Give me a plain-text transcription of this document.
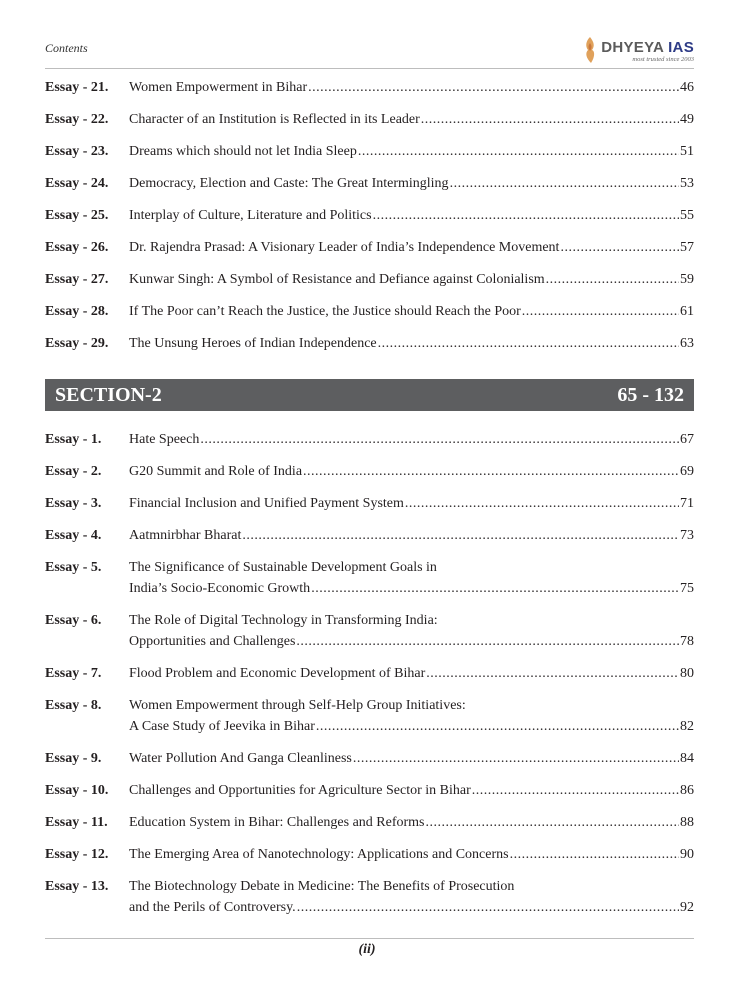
Contents	DHYEYA IAS
most trusted since 2003
Essay - 21. Women Empowerment in Bihar .....	46
Essay - 22. Character of an Institution is Reflected in its Leader .....	49
Essay - 23. Dreams which should not let India Sleep .....	51
Essay - 24. Democracy, Election and Caste: The Great Intermingling .....	53
Essay - 25. Interplay of Culture, Literature and Politics .....	55
Essay - 26. Dr. Rajendra Prasad: A Visionary Leader of India’s Independence Movement .....	57
Essay - 27. Kunwar Singh: A Symbol of Resistance and Defiance against Colonialism .....	59
Essay - 28. If The Poor can’t Reach the Justice, the Justice should Reach the Poor .....	61
Essay - 29. The Unsung Heroes of Indian Independence .....	63
SECTION-2	65 - 132
Essay - 1. Hate Speech .....	67
Essay - 2. G20 Summit and Role of India .....	69
Essay - 3. Financial Inclusion and Unified Payment System .....	71
Essay - 4. Aatmnirbhar Bharat .....	73
Essay - 5. The Significance of Sustainable Development Goals in
India’s Socio-Economic Growth .....	75
Essay - 6. The Role of Digital Technology in Transforming India:
Opportunities and Challenges .....	78
Essay - 7. Flood Problem and Economic Development of Bihar .....	80
Essay - 8. Women Empowerment through Self-Help Group Initiatives:
A Case Study of Jeevika in Bihar .....	82
Essay - 9. Water Pollution And Ganga Cleanliness .....	84
Essay - 10. Challenges and Opportunities for Agriculture Sector in Bihar .....	86
Essay - 11. Education System in Bihar: Challenges and Reforms .....	88
Essay - 12. The Emerging Area of Nanotechnology: Applications and Concerns .....	90
Essay - 13. The Biotechnology Debate in Medicine: The Benefits of Prosecution
and the Perils of Controversy. .....	92
(ii)
